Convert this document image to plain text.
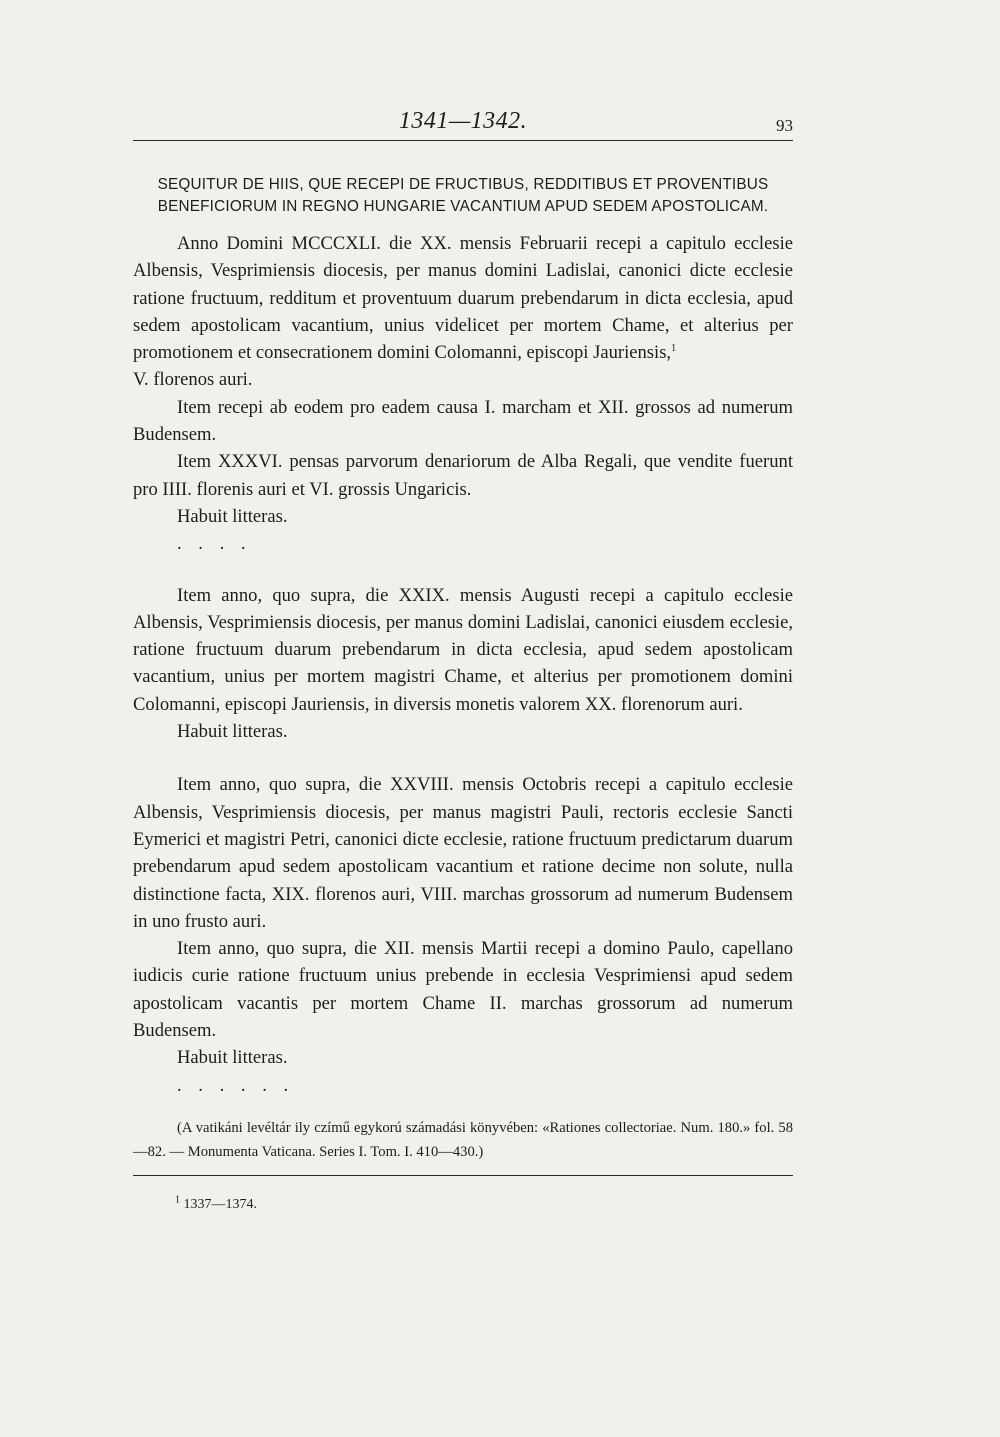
1341—1342.	93
SEQUITUR DE HIIS, QUE RECEPI DE FRUCTIBUS, REDDITIBUS ET PROVENTIBUS
BENEFICIORUM IN REGNO HUNGARIE VACANTIUM APUD SEDEM APOSTOLICAM.

Anno Domini MCCCXLI. die XX. mensis Februarii recepi a capitulo ecclesie Albensis, Vesprimiensis diocesis, per manus domini Ladislai, canonici dicte ecclesie ratione fructuum, redditum et proventuum duarum prebendarum in dicta ecclesia, apud sedem apostolicam vacantium, unius videlicet per mortem Chame, et alterius per promotionem et consecrationem domini Colomanni, episcopi Jauriensis,$^1$
V. florenos auri.

Item recepi ab eodem pro eadem causa I. marcham et XII. grossos ad numerum Budensem.

Item XXXVI. pensas parvorum denariorum de Alba Regali, que vendite fuerunt pro IIII. florenis auri et VI. grossis Ungaricis.

Habuit litteras.

. . . .

Item anno, quo supra, die XXIX. mensis Augusti recepi a capitulo ecclesie Albensis, Vesprimiensis diocesis, per manus domini Ladislai, canonici eiusdem ecclesie, ratione fructuum duarum prebendarum in dicta ecclesia, apud sedem apostolicam vacantium, unius per mortem magistri Chame, et alterius per promotionem domini Colomanni, episcopi Jauriensis, in diversis monetis valorem XX. florenorum auri.

Habuit litteras.

Item anno, quo supra, die XXVIII. mensis Octobris recepi a capitulo ecclesie Albensis, Vesprimiensis diocesis, per manus magistri Pauli, rectoris ecclesie Sancti Eymerici et magistri Petri, canonici dicte ecclesie, ratione fructuum predictarum duarum prebendarum apud sedem apostolicam vacantium et ratione decime non solute, nulla distinctione facta, XIX. florenos auri, VIII. marchas grossorum ad numerum Budensem in uno frusto auri.

Item anno, quo supra, die XII. mensis Martii recepi a domino Paulo, capellano iudicis curie ratione fructuum unius prebende in ecclesia Vesprimiensi apud sedem apostolicam vacantis per mortem Chame II. marchas grossorum ad numerum Budensem.

Habuit litteras.

. . . . . .

(A vatikáni levéltár ily czímű egykorú számadási könyvében: «Rationes collectoriae. Num. 180.» fol. 58—82. — Monumenta Vaticana. Series I. Tom. I. 410—430.)
$^1$ 1337—1374.
